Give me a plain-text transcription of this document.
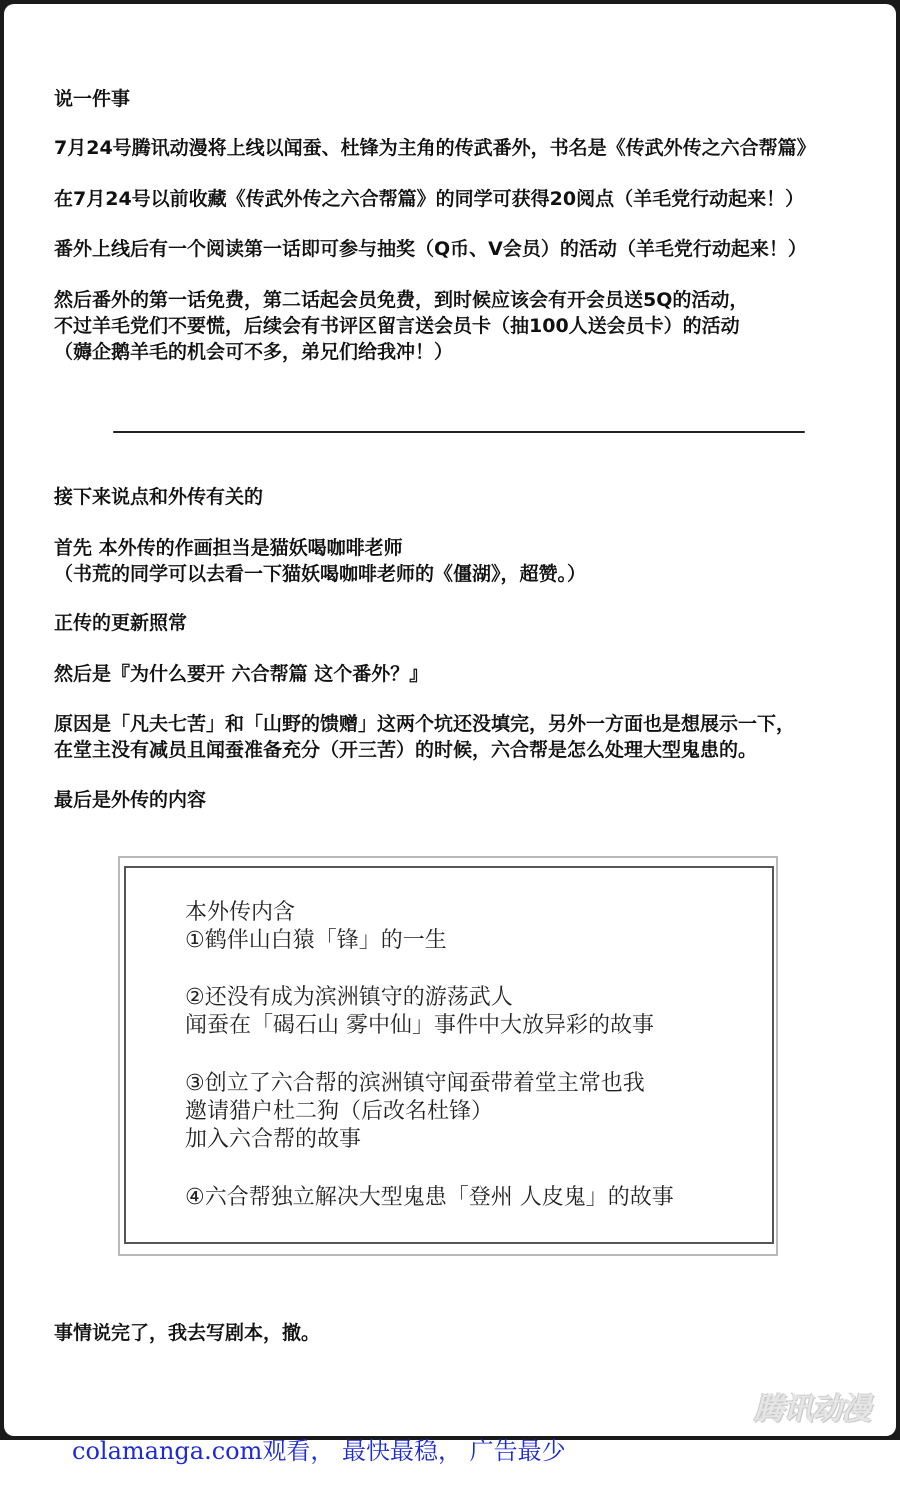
说一件事
7月24号腾讯动漫将上线以闻蚕、杜锋为主角的传武番外，书名是《传武外传之六合帮篇》
在7月24号以前收藏《传武外传之六合帮篇》的同学可获得20阅点（羊毛党行动起来！）
番外上线后有一个阅读第一话即可参与抽奖（Q币、V会员）的活动（羊毛党行动起来！）
然后番外的第一话免费，第二话起会员免费，到时候应该会有开会员送5Q的活动，
不过羊毛党们不要慌，后续会有书评区留言送会员卡（抽100人送会员卡）的活动
（薅企鹅羊毛的机会可不多，弟兄们给我冲！）
接下来说点和外传有关的
首先 本外传的作画担当是猫妖喝咖啡老师
（书荒的同学可以去看一下猫妖喝咖啡老师的《僵湖》，超赞。）
正传的更新照常
然后是『为什么要开 六合帮篇 这个番外？』
原因是「凡夫七苦」和「山野的馈赠」这两个坑还没填完，另外一方面也是想展示一下，
在堂主没有减员且闻蚕准备充分（开三苦）的时候，六合帮是怎么处理大型鬼患的。
最后是外传的内容
本外传内含
①鹤伴山白猿「锋」的一生
②还没有成为滨洲镇守的游荡武人
闻蚕在「碣石山 雾中仙」事件中大放异彩的故事
③创立了六合帮的滨洲镇守闻蚕带着堂主常也我
邀请猎户杜二狗（后改名杜锋）
加入六合帮的故事
④六合帮独立解决大型鬼患「登州 人皮鬼」的故事
事情说完了，我去写剧本，撤。
腾讯动漫
colamanga.com观看， 最快最稳， 广告最少
